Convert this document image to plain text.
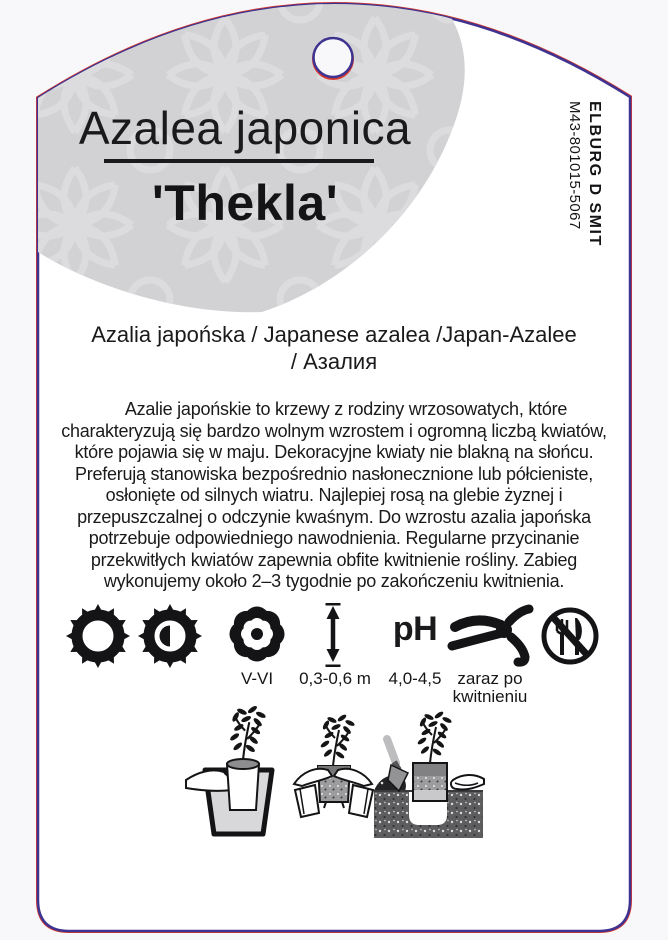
Azalea japonica
'Thekla'	ELBURG D SMIT
M43-801015-5067
Azalia japońska / Japanese azalea /Japan-Azalee
/ Азалия

Azalie japońskie to krzewy z rodziny wrzosowatych, które charakteryzują się bardzo wolnym wzrostem i ogromną liczbą kwiatów, które pojawia się w maju. Dekoracyjne kwiaty nie blakną na słońcu. Preferują stanowiska bezpośrednio nasłonecznione lub półcieniste, osłonięte od silnych wiatru. Najlepiej rosą na glebie żyznej i przepuszczalnej o odczynie kwaśnym. Do wzrostu azalia japońska potrzebuje odpowiedniego nawodnienia. Regularne przycinanie przekwitłych kwiatów zapewnia obfite kwitnienie rośliny. Zabieg wykonujemy około 2–3 tygodnie po zakończeniu kwitnienia.

pH
V-VI	0,3-0,6 m	4,0-4,5 zaraz po
kwitnieniu
